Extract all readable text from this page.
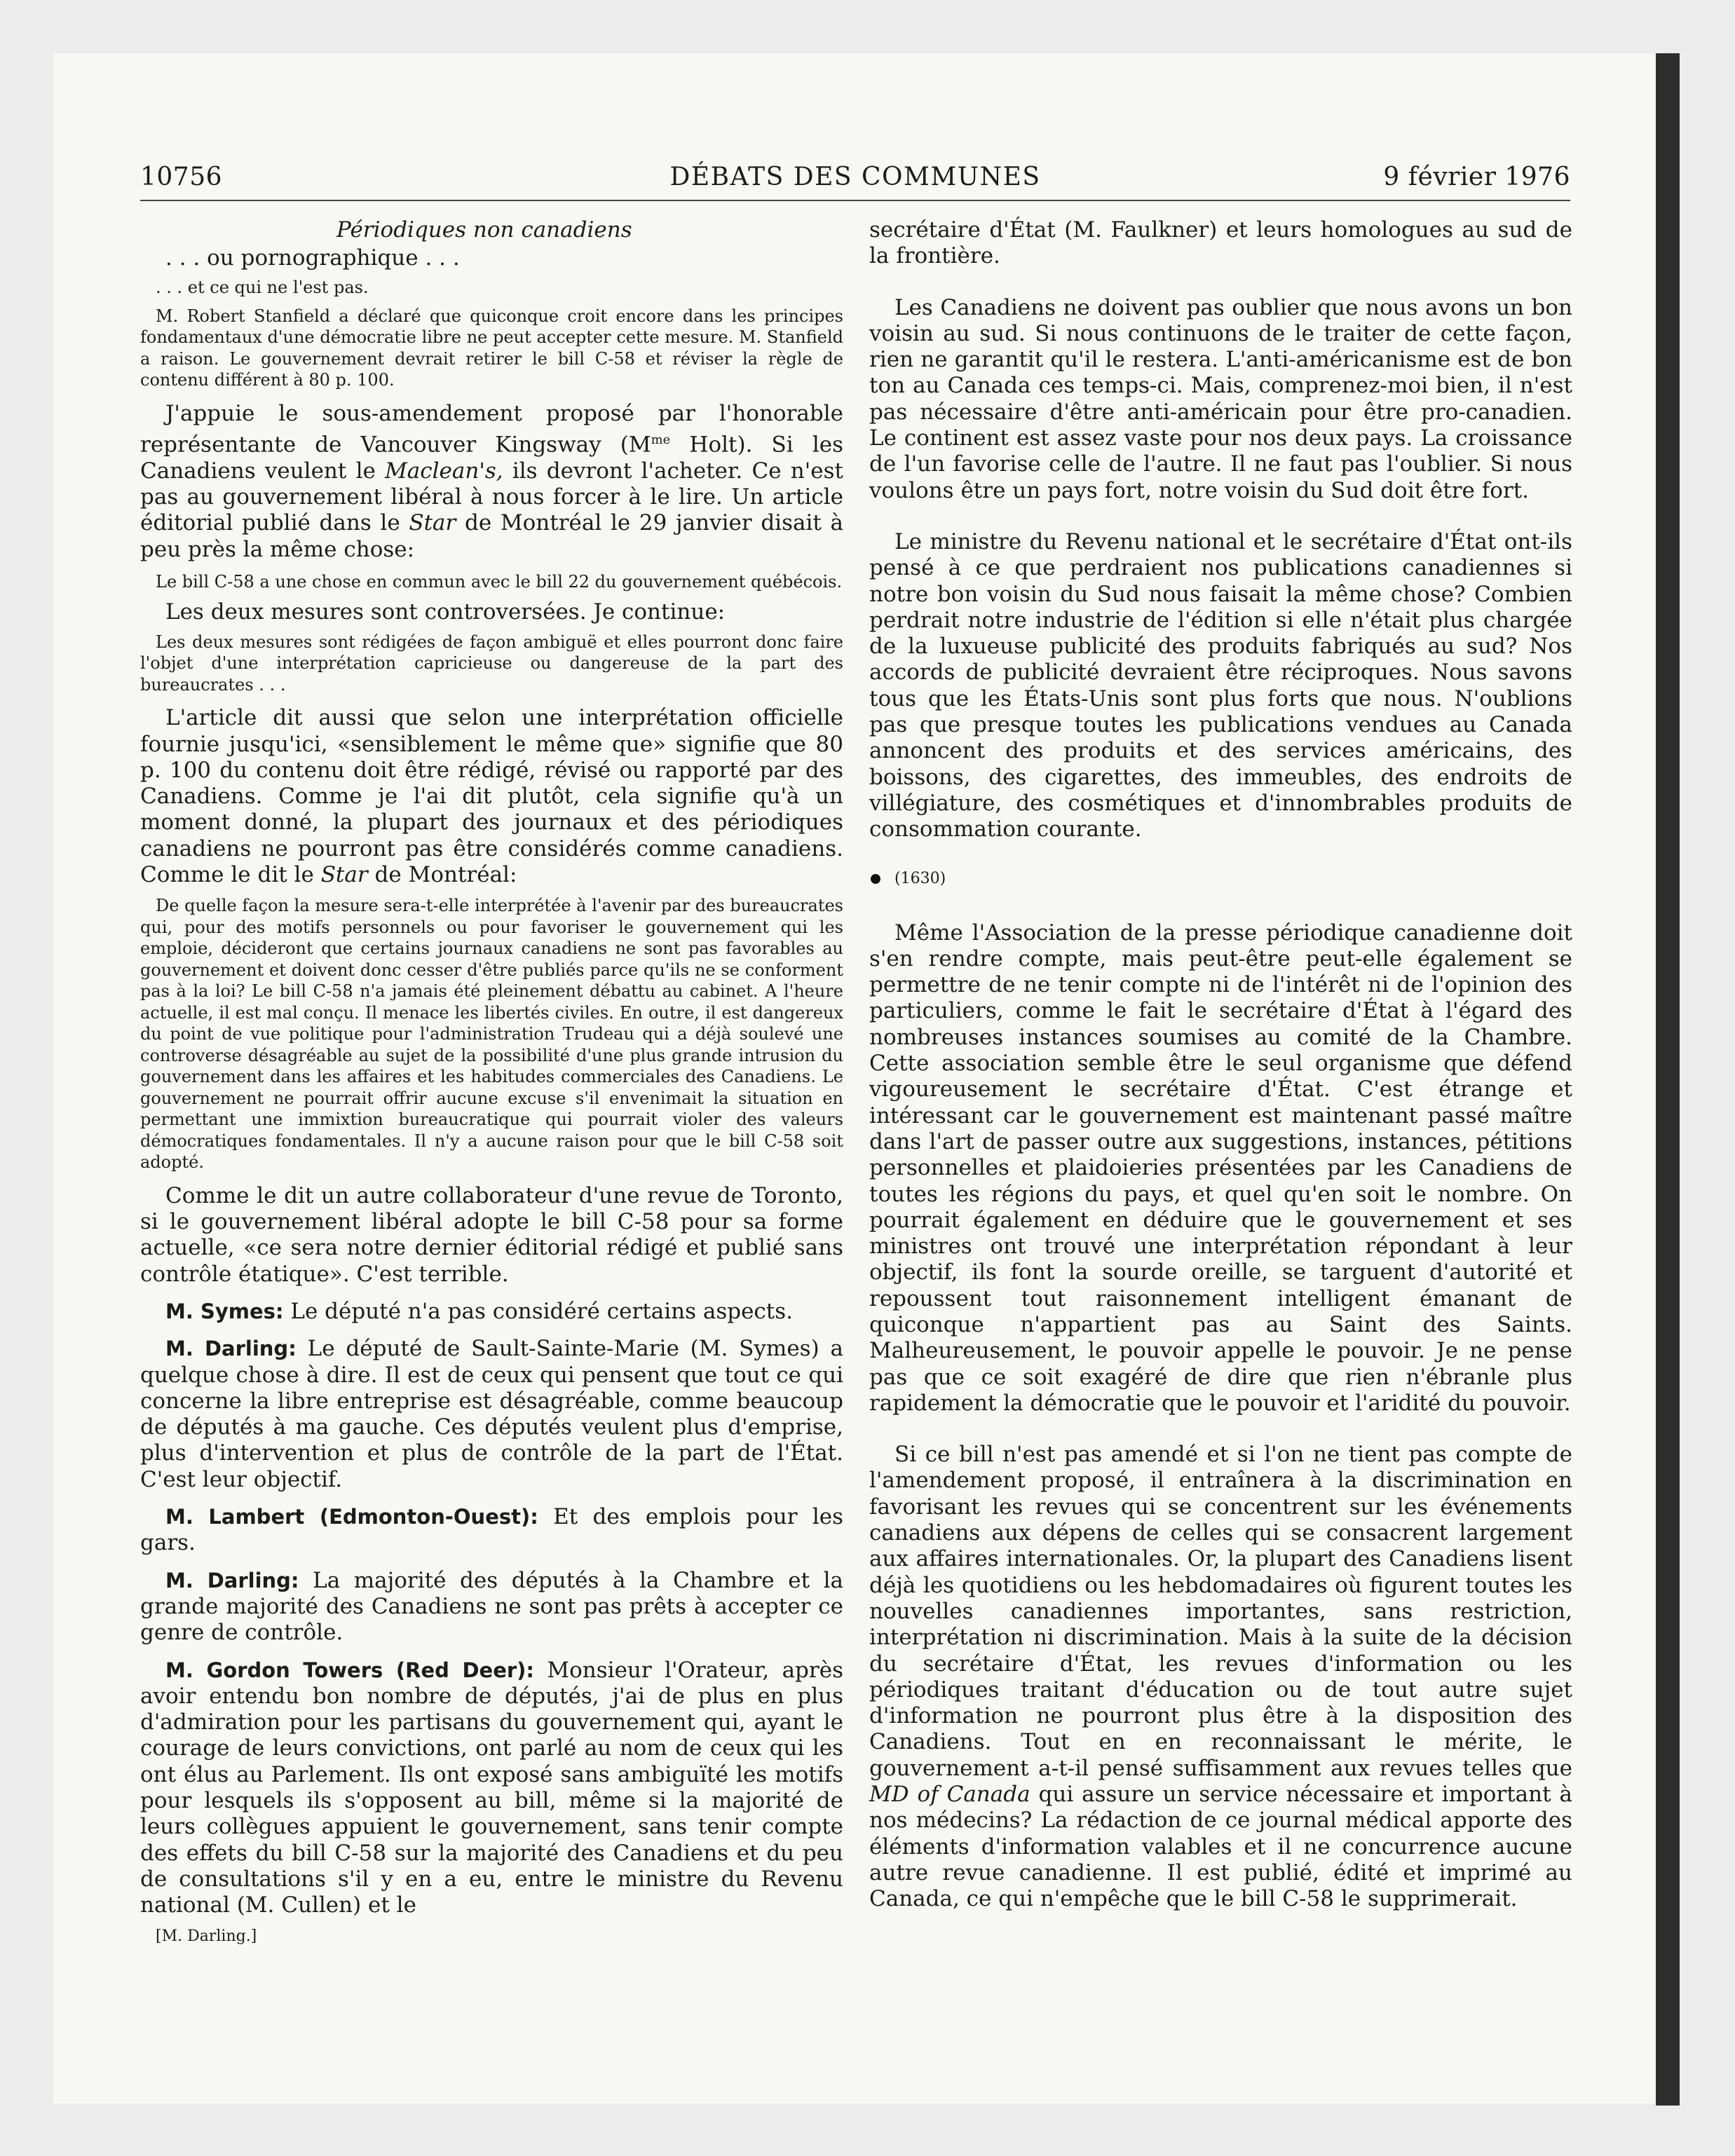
10756	DÉBATS DES COMMUNES	9 février 1976

Périodiques non canadiens

. . . ou pornographique . . .

. . . et ce qui ne l'est pas.

M. Robert Stanfield a déclaré que quiconque croit encore dans les principes fondamentaux d'une démocratie libre ne peut accepter cette mesure. M. Stanfield a raison. Le gouvernement devrait retirer le bill C-58 et réviser la règle de contenu différent à 80 p. 100.

J'appuie le sous-amendement proposé par l'honorable représentante de Vancouver Kingsway ($M^{me}$ Holt). Si les Canadiens veulent le Maclean's, ils devront l'acheter. Ce n'est pas au gouvernement libéral à nous forcer à le lire. Un article éditorial publié dans le Star de Montréal le 29 janvier disait à peu près la même chose:

Le bill C-58 a une chose en commun avec le bill 22 du gouvernement québécois.

Les deux mesures sont controversées. Je continue:

Les deux mesures sont rédigées de façon ambiguë et elles pourront donc faire l'objet d'une interprétation capricieuse ou dangereuse de la part des bureaucrates . . .

L'article dit aussi que selon une interprétation officielle fournie jusqu'ici, «sensiblement le même que» signifie que 80 p. 100 du contenu doit être rédigé, révisé ou rapporté par des Canadiens. Comme je l'ai dit plutôt, cela signifie qu'à un moment donné, la plupart des journaux et des périodiques canadiens ne pourront pas être considérés comme canadiens. Comme le dit le Star de Montréal:

De quelle façon la mesure sera-t-elle interprétée à l'avenir par des bureaucrates qui, pour des motifs personnels ou pour favoriser le gouvernement qui les emploie, décideront que certains journaux canadiens ne sont pas favorables au gouvernement et doivent donc cesser d'être publiés parce qu'ils ne se conforment pas à la loi? Le bill C-58 n'a jamais été pleinement débattu au cabinet. A l'heure actuelle, il est mal conçu. Il menace les libertés civiles. En outre, il est dangereux du point de vue politique pour l'administration Trudeau qui a déjà soulevé une controverse désagréable au sujet de la possibilité d'une plus grande intrusion du gouvernement dans les affaires et les habitudes commerciales des Canadiens. Le gouvernement ne pourrait offrir aucune excuse s'il envenimait la situation en permettant une immixtion bureaucratique qui pourrait violer des valeurs démocratiques fondamentales. Il n'y a aucune raison pour que le bill C-58 soit adopté.

Comme le dit un autre collaborateur d'une revue de Toronto, si le gouvernement libéral adopte le bill C-58 pour sa forme actuelle, «ce sera notre dernier éditorial rédigé et publié sans contrôle étatique». C'est terrible.

M. Symes: Le député n'a pas considéré certains aspects.

M. Darling: Le député de Sault-Sainte-Marie (M. Symes) a quelque chose à dire. Il est de ceux qui pensent que tout ce qui concerne la libre entreprise est désagréable, comme beaucoup de députés à ma gauche. Ces députés veulent plus d'emprise, plus d'intervention et plus de contrôle de la part de l'État. C'est leur objectif.

M. Lambert (Edmonton-Ouest): Et des emplois pour les gars.

M. Darling: La majorité des députés à la Chambre et la grande majorité des Canadiens ne sont pas prêts à accepter ce genre de contrôle.

M. Gordon Towers (Red Deer): Monsieur l'Orateur, après avoir entendu bon nombre de députés, j'ai de plus en plus d'admiration pour les partisans du gouvernement qui, ayant le courage de leurs convictions, ont parlé au nom de ceux qui les ont élus au Parlement. Ils ont exposé sans ambiguïté les motifs pour lesquels ils s'opposent au bill, même si la majorité de leurs collègues appuient le gouvernement, sans tenir compte des effets du bill C-58 sur la majorité des Canadiens et du peu de consultations s'il y en a eu, entre le ministre du Revenu national (M. Cullen) et le

[M. Darling.]

secrétaire d'État (M. Faulkner) et leurs homologues au sud de la frontière.

Les Canadiens ne doivent pas oublier que nous avons un bon voisin au sud. Si nous continuons de le traiter de cette façon, rien ne garantit qu'il le restera. L'anti-américanisme est de bon ton au Canada ces temps-ci. Mais, comprenez-moi bien, il n'est pas nécessaire d'être anti-américain pour être pro-canadien. Le continent est assez vaste pour nos deux pays. La croissance de l'un favorise celle de l'autre. Il ne faut pas l'oublier. Si nous voulons être un pays fort, notre voisin du Sud doit être fort.

Le ministre du Revenu national et le secrétaire d'État ont-ils pensé à ce que perdraient nos publications canadiennes si notre bon voisin du Sud nous faisait la même chose? Combien perdrait notre industrie de l'édition si elle n'était plus chargée de la luxueuse publicité des produits fabriqués au sud? Nos accords de publicité devraient être réciproques. Nous savons tous que les États-Unis sont plus forts que nous. N'oublions pas que presque toutes les publications vendues au Canada annoncent des produits et des services américains, des boissons, des cigarettes, des immeubles, des endroits de villégiature, des cosmétiques et d'innombrables produits de consommation courante.

(1630)

Même l'Association de la presse périodique canadienne doit s'en rendre compte, mais peut-être peut-elle également se permettre de ne tenir compte ni de l'intérêt ni de l'opinion des particuliers, comme le fait le secrétaire d'État à l'égard des nombreuses instances soumises au comité de la Chambre. Cette association semble être le seul organisme que défend vigoureusement le secrétaire d'État. C'est étrange et intéressant car le gouvernement est maintenant passé maître dans l'art de passer outre aux suggestions, instances, pétitions personnelles et plaidoieries présentées par les Canadiens de toutes les régions du pays, et quel qu'en soit le nombre. On pourrait également en déduire que le gouvernement et ses ministres ont trouvé une interprétation répondant à leur objectif, ils font la sourde oreille, se targuent d'autorité et repoussent tout raisonnement intelligent émanant de quiconque n'appartient pas au Saint des Saints. Malheureusement, le pouvoir appelle le pouvoir. Je ne pense pas que ce soit exagéré de dire que rien n'ébranle plus rapidement la démocratie que le pouvoir et l'aridité du pouvoir.

Si ce bill n'est pas amendé et si l'on ne tient pas compte de l'amendement proposé, il entraînera à la discrimination en favorisant les revues qui se concentrent sur les événements canadiens aux dépens de celles qui se consacrent largement aux affaires internationales. Or, la plupart des Canadiens lisent déjà les quotidiens ou les hebdomadaires où figurent toutes les nouvelles canadiennes importantes, sans restriction, interprétation ni discrimination. Mais à la suite de la décision du secrétaire d'État, les revues d'information ou les périodiques traitant d'éducation ou de tout autre sujet d'information ne pourront plus être à la disposition des Canadiens. Tout en en reconnaissant le mérite, le gouvernement a-t-il pensé suffisamment aux revues telles que MD of Canada qui assure un service nécessaire et important à nos médecins? La rédaction de ce journal médical apporte des éléments d'information valables et il ne concurrence aucune autre revue canadienne. Il est publié, édité et imprimé au Canada, ce qui n'empêche que le bill C-58 le supprimerait.
